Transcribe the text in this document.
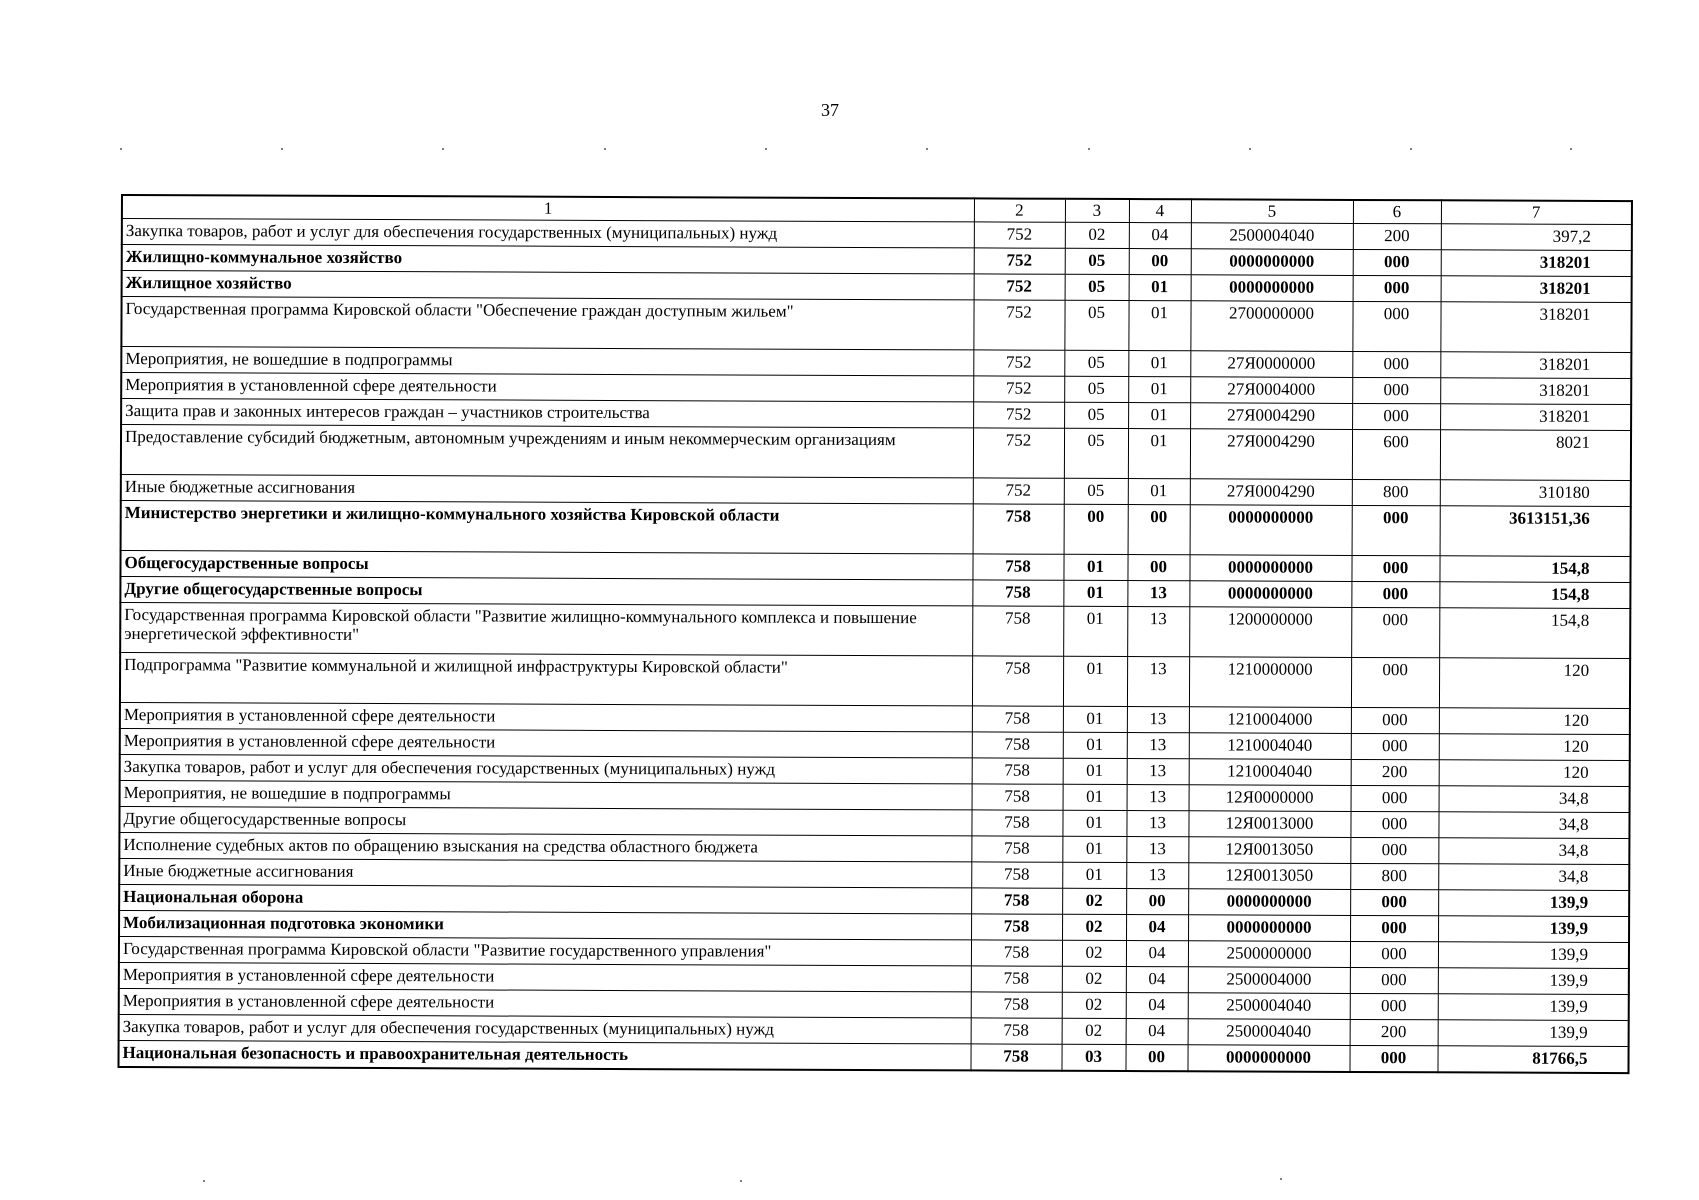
37
1	2	3	4	5	6	7
Закупка товаров, работ и услуг для обеспечения государственных (муниципальных) нужд	752	02	04	2500004040	200	397,2
Жилищно-коммунальное хозяйство	752	05	00	0000000000	000	318201
Жилищное хозяйство	752	05	01	0000000000	000	318201
Государственная программа Кировской области "Обеспечение граждан доступным жильем"	752	05	01	2700000000	000	318201
Мероприятия, не вошедшие в подпрограммы	752	05	01	27Я0000000	000	318201
Мероприятия в установленной сфере деятельности	752	05	01	27Я0004000	000	318201
Защита прав и законных интересов граждан – участников строительства	752	05	01	27Я0004290	000	318201
Предоставление субсидий бюджетным, автономным учреждениям и иным некоммерческим организациям	752	05	01	27Я0004290	600	8021
Иные бюджетные ассигнования	752	05	01	27Я0004290	800	310180
Министерство энергетики и жилищно-коммунального хозяйства Кировской области	758	00	00	0000000000	000	3613151,36
Общегосударственные вопросы	758	01	00	0000000000	000	154,8
Другие общегосударственные вопросы	758	01	13	0000000000	000	154,8
Государственная программа Кировской области "Развитие жилищно-коммунального комплекса и повышение энергетической эффективности"	758	01	13	1200000000	000	154,8
Подпрограмма "Развитие коммунальной и жилищной инфраструктуры Кировской области"	758	01	13	1210000000	000	120
Мероприятия в установленной сфере деятельности	758	01	13	1210004000	000	120
Мероприятия в установленной сфере деятельности	758	01	13	1210004040	000	120
Закупка товаров, работ и услуг для обеспечения государственных (муниципальных) нужд	758	01	13	1210004040	200	120
Мероприятия, не вошедшие в подпрограммы	758	01	13	12Я0000000	000	34,8
Другие общегосударственные вопросы	758	01	13	12Я0013000	000	34,8
Исполнение судебных актов по обращению взыскания на средства областного бюджета	758	01	13	12Я0013050	000	34,8
Иные бюджетные ассигнования	758	01	13	12Я0013050	800	34,8
Национальная оборона	758	02	00	0000000000	000	139,9
Мобилизационная подготовка экономики	758	02	04	0000000000	000	139,9
Государственная программа Кировской области "Развитие государственного управления"	758	02	04	2500000000	000	139,9
Мероприятия в установленной сфере деятельности	758	02	04	2500004000	000	139,9
Мероприятия в установленной сфере деятельности	758	02	04	2500004040	000	139,9
Закупка товаров, работ и услуг для обеспечения государственных (муниципальных) нужд	758	02	04	2500004040	200	139,9
Национальная безопасность и правоохранительная деятельность	758	03	00	0000000000	000	81766,5
